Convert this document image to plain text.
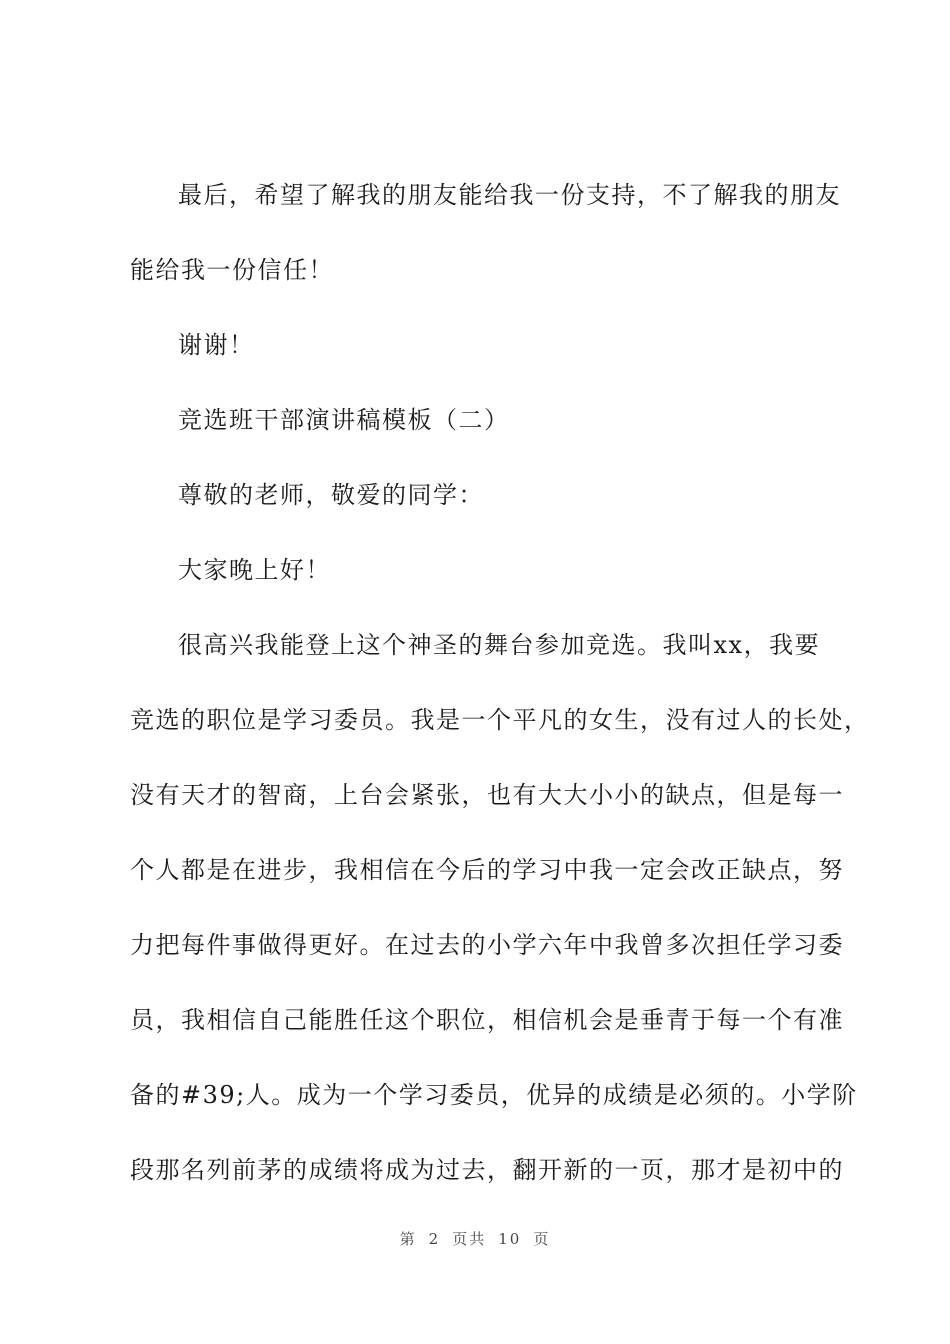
最后，希望了解我的朋友能给我一份支持，不了解我的朋友
能给我一份信任！
谢谢！
竞选班干部演讲稿模板（二）
尊敬的老师，敬爱的同学：
大家晚上好！
很高兴我能登上这个神圣的舞台参加竞选。我叫xx，我要
竞选的职位是学习委员。我是一个平凡的女生，没有过人的长处，
没有天才的智商，上台会紧张，也有大大小小的缺点，但是每一
个人都是在进步，我相信在今后的学习中我一定会改正缺点，努
力把每件事做得更好。在过去的小学六年中我曾多次担任学习委
员，我相信自己能胜任这个职位，相信机会是垂青于每一个有准
备的#39;人。成为一个学习委员，优异的成绩是必须的。小学阶
段那名列前茅的成绩将成为过去，翻开新的一页，那才是初中的
第 2 页共 10 页
